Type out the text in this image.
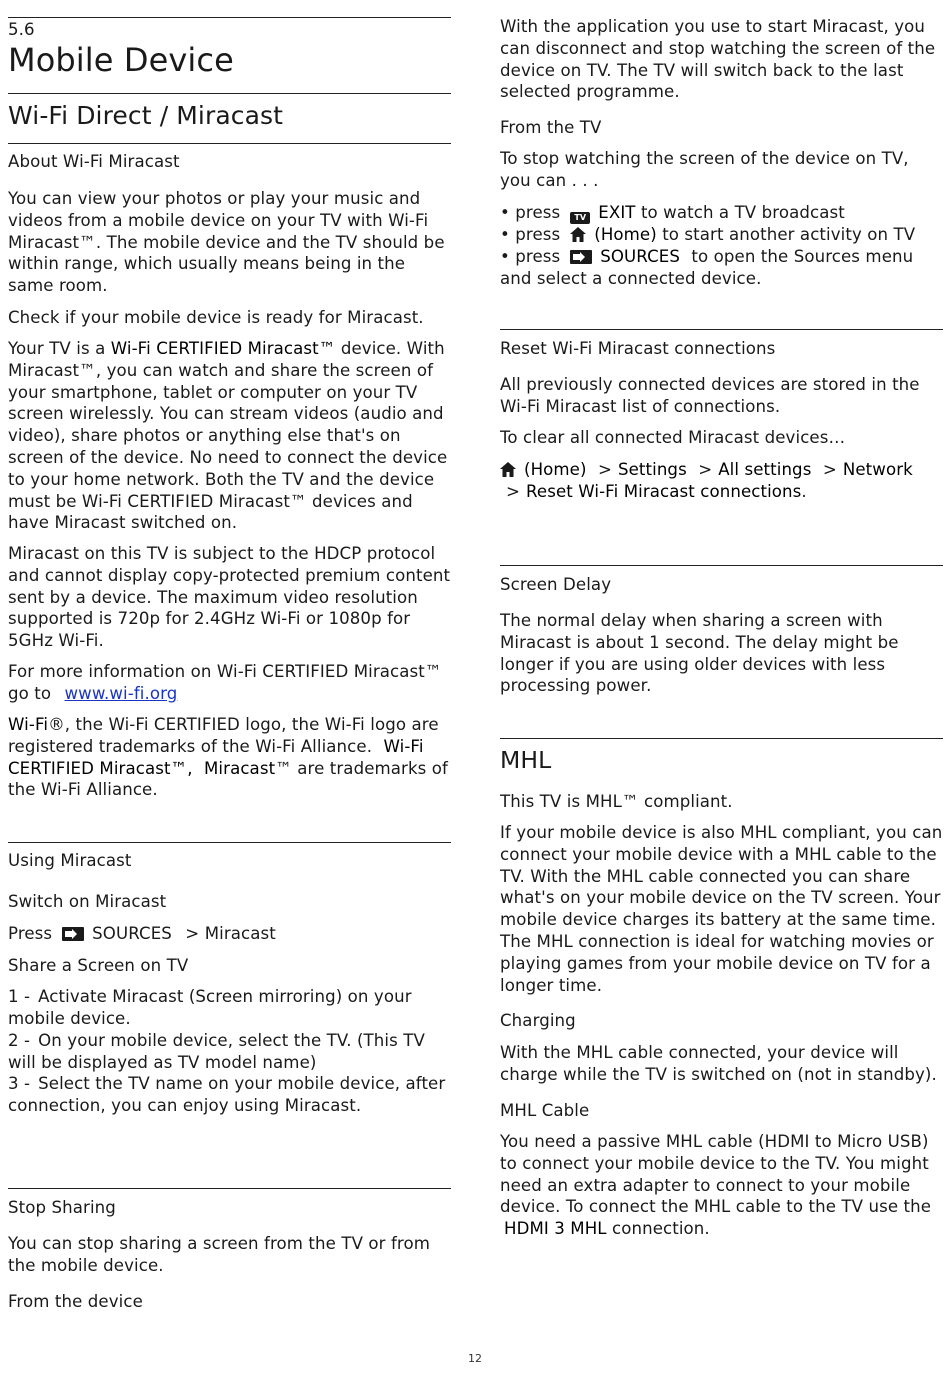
5.6
Mobile Device
Wi-Fi Direct / Miracast
About Wi-Fi Miracast
You can view your photos or play your music and videos from a mobile device on your TV with Wi-Fi Miracast™. The mobile device and the TV should be within range, which usually means being in the same room.
Check if your mobile device is ready for Miracast.
Your TV is a Wi-Fi CERTIFIED Miracast™ device. With Miracast™, you can watch and share the screen of your smartphone, tablet or computer on your TV screen wirelessly. You can stream videos (audio and video), share photos or anything else that's on screen of the device. No need to connect the device to your home network. Both the TV and the device must be Wi-Fi CERTIFIED Miracast™ devices and have Miracast switched on.
Miracast on this TV is subject to the HDCP protocol and cannot display copy-protected premium content sent by a device. The maximum video resolution supported is 720p for 2.4GHz Wi-Fi or 1080p for 5GHz Wi-Fi.
For more information on Wi-Fi CERTIFIED Miracast™ go to www.wi-fi.org
Wi-Fi®, the Wi-Fi CERTIFIED logo, the Wi-Fi logo are registered trademarks of the Wi-Fi Alliance. Wi-Fi CERTIFIED Miracast™, Miracast™ are trademarks of the Wi-Fi Alliance.
Using Miracast
Switch on Miracast
Press SOURCES > Miracast
Share a Screen on TV
1 - Activate Miracast (Screen mirroring) on your mobile device.
2 - On your mobile device, select the TV. (This TV will be displayed as TV model name)
3 - Select the TV name on your mobile device, after connection, you can enjoy using Miracast.
Stop Sharing
You can stop sharing a screen from the TV or from the mobile device.
From the device
With the application you use to start Miracast, you can disconnect and stop watching the screen of the device on TV. The TV will switch back to the last selected programme.
From the TV
To stop watching the screen of the device on TV, you can . . .
• press TV EXIT to watch a TV broadcast
• press (Home) to start another activity on TV
• press SOURCES to open the Sources menu and select a connected device.
Reset Wi-Fi Miracast connections
All previously connected devices are stored in the Wi-Fi Miracast list of connections.
To clear all connected Miracast devices…
(Home) > Settings > All settings > Network > Reset Wi-Fi Miracast connections.
Screen Delay
The normal delay when sharing a screen with Miracast is about 1 second. The delay might be longer if you are using older devices with less processing power.
MHL
This TV is MHL™ compliant.
If your mobile device is also MHL compliant, you can connect your mobile device with a MHL cable to the TV. With the MHL cable connected you can share what's on your mobile device on the TV screen. Your mobile device charges its battery at the same time. The MHL connection is ideal for watching movies or playing games from your mobile device on TV for a longer time.
Charging
With the MHL cable connected, your device will charge while the TV is switched on (not in standby).
MHL Cable
You need a passive MHL cable (HDMI to Micro USB) to connect your mobile device to the TV. You might need an extra adapter to connect to your mobile device. To connect the MHL cable to the TV use the HDMI 3 MHL connection.
12
